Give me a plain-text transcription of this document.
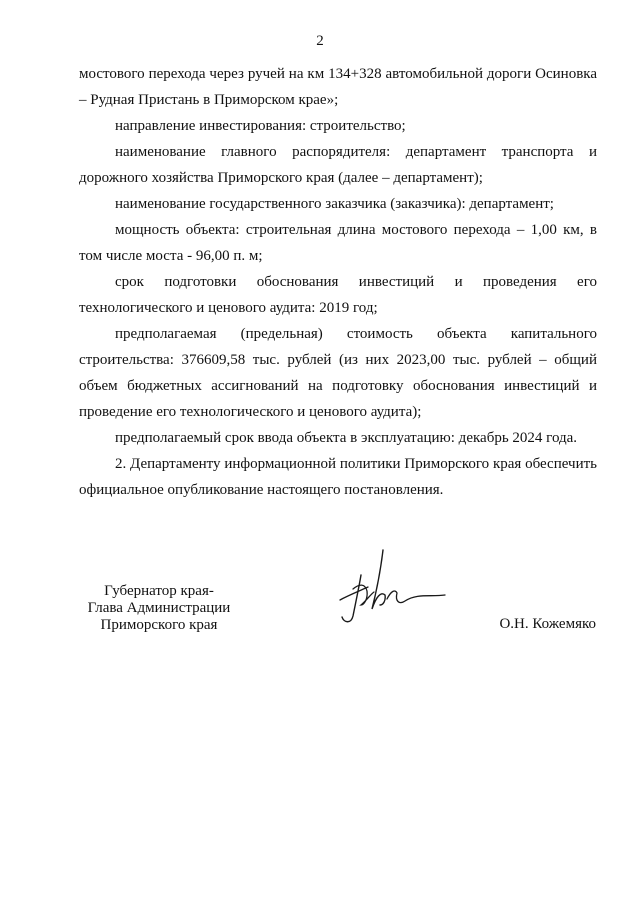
2

мостового перехода через ручей на км 134+328 автомобильной дороги Осиновка – Рудная Пристань в Приморском крае»;

направление инвестирования: строительство;

наименование главного распорядителя: департамент транспорта и дорожного хозяйства Приморского края (далее – департамент);

наименование государственного заказчика (заказчика): департамент;

мощность объекта: строительная длина мостового перехода – 1,00 км, в том числе моста - 96,00 п. м;

срок подготовки обоснования инвестиций и проведения его технологического и ценового аудита: 2019 год;

предполагаемая (предельная) стоимость объекта капитального строительства: 376609,58 тыс. рублей (из них 2023,00 тыс. рублей – общий объем бюджетных ассигнований на подготовку обоснования инвестиций и проведение его технологического и ценового аудита);

предполагаемый срок ввода объекта в эксплуатацию: декабрь 2024 года.

2. Департаменту информационной политики Приморского края обеспечить официальное опубликование настоящего постановления.

Губернатор края-
Глава Администрации
Приморского края	О.Н. Кожемяко
